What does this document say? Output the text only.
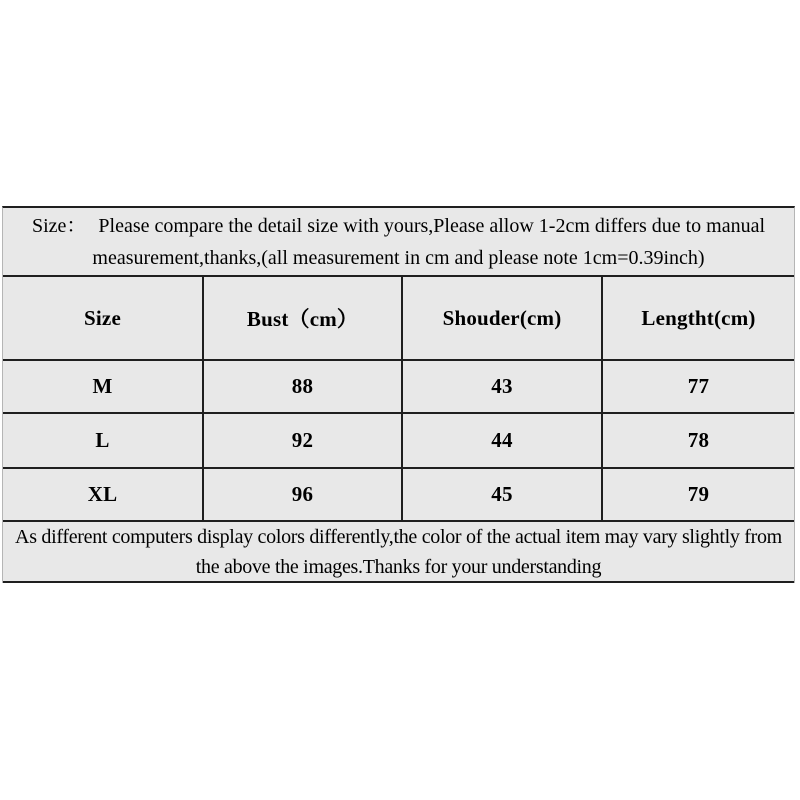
Size： Please compare the detail size with yours,Please allow 1-2cm differs due to manual
measurement,thanks,(all measurement in cm and please note 1cm=0.39inch)
Size	Bust（cm）	Shouder(cm)	Lengtht(cm)
M	88	43	77
L	92	44	78
XL	96	45	79
As different computers display colors differently,the color of the actual item may vary slightly from
the above the images.Thanks for your understanding
